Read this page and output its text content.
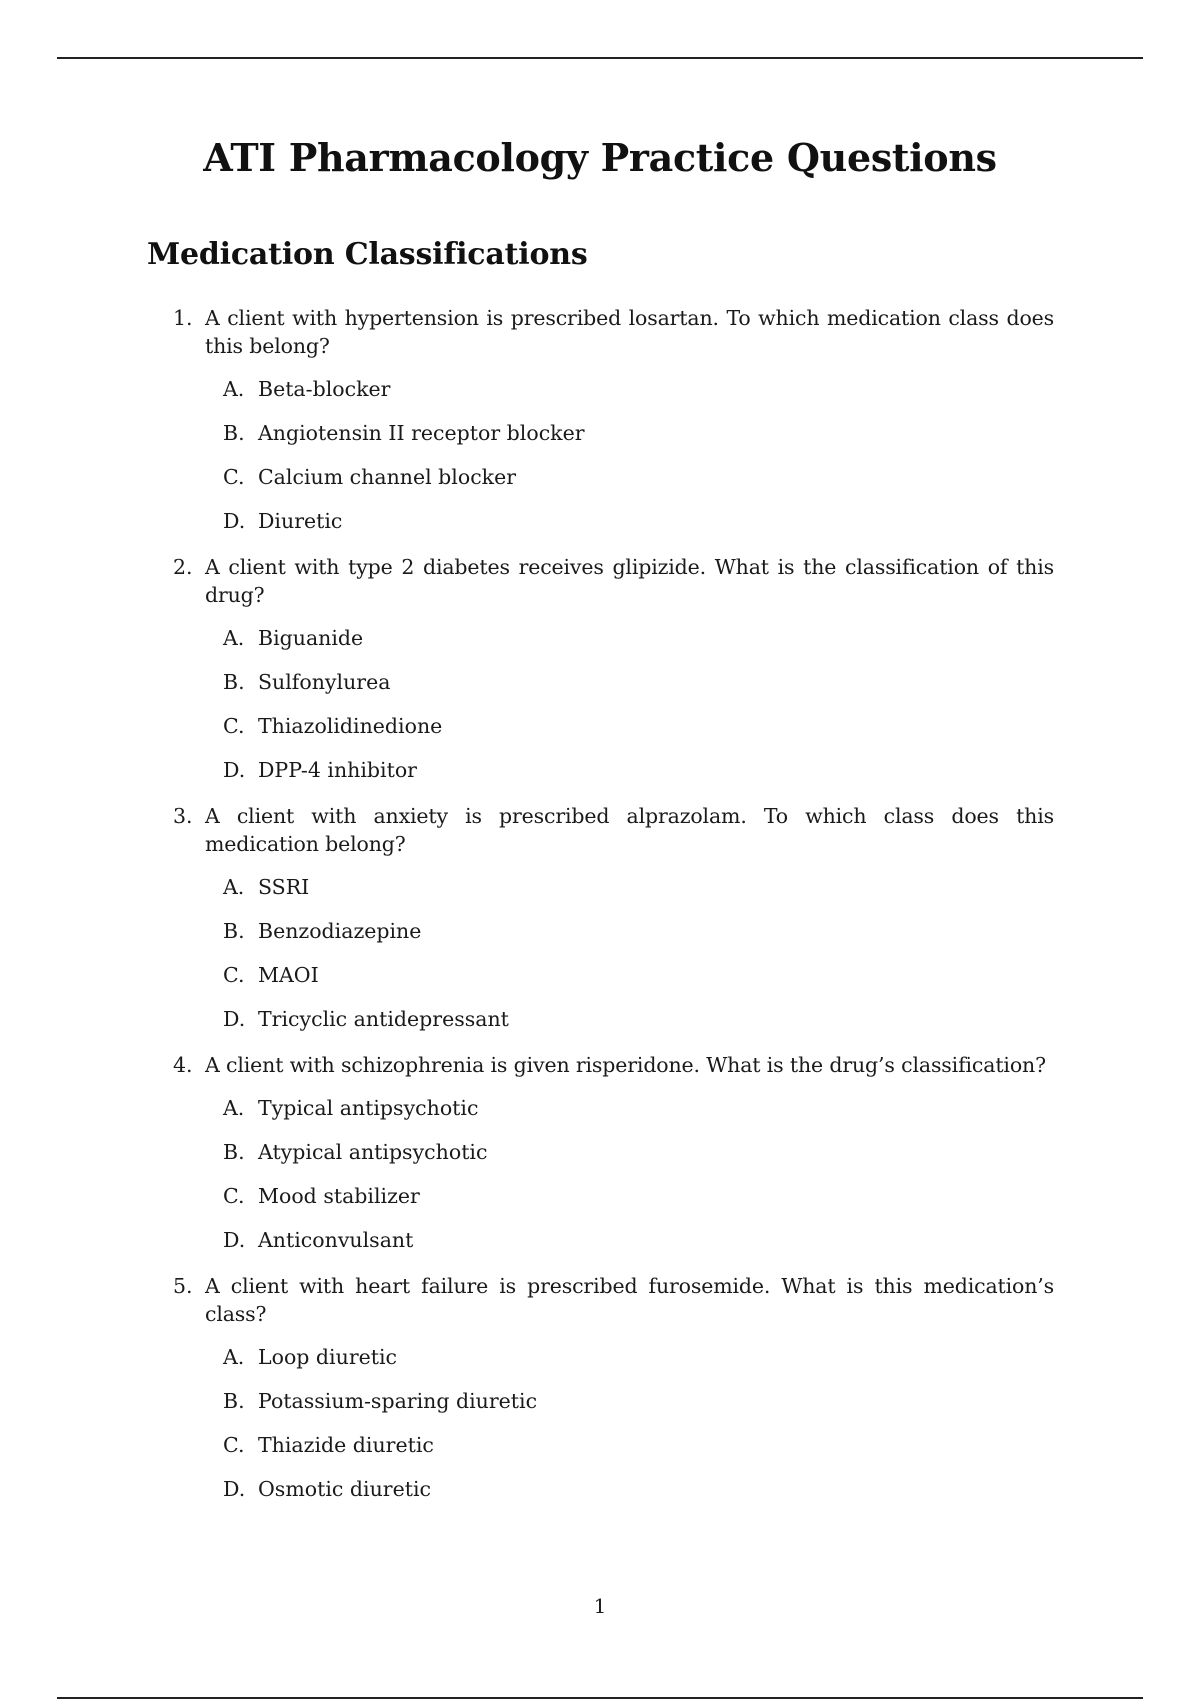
ATI Pharmacology Practice Questions
Medication Classifications
1. A client with hypertension is prescribed losartan. To which medication class does this belong?

A. Beta-blocker
B. Angiotensin II receptor blocker
C. Calcium channel blocker
D. Diuretic
2. A client with type 2 diabetes receives glipizide. What is the classification of this drug?

A. Biguanide
B. Sulfonylurea
C. Thiazolidinedione
D. DPP-4 inhibitor
3. A client with anxiety is prescribed alprazolam. To which class does this medication belong?

A. SSRI
B. Benzodiazepine
C. MAOI
D. Tricyclic antidepressant
4. A client with schizophrenia is given risperidone. What is the drug’s classification?

A. Typical antipsychotic
B. Atypical antipsychotic
C. Mood stabilizer
D. Anticonvulsant
5. A client with heart failure is prescribed furosemide. What is this medication’s class?

A. Loop diuretic
B. Potassium-sparing diuretic
C. Thiazide diuretic
D. Osmotic diuretic
1
